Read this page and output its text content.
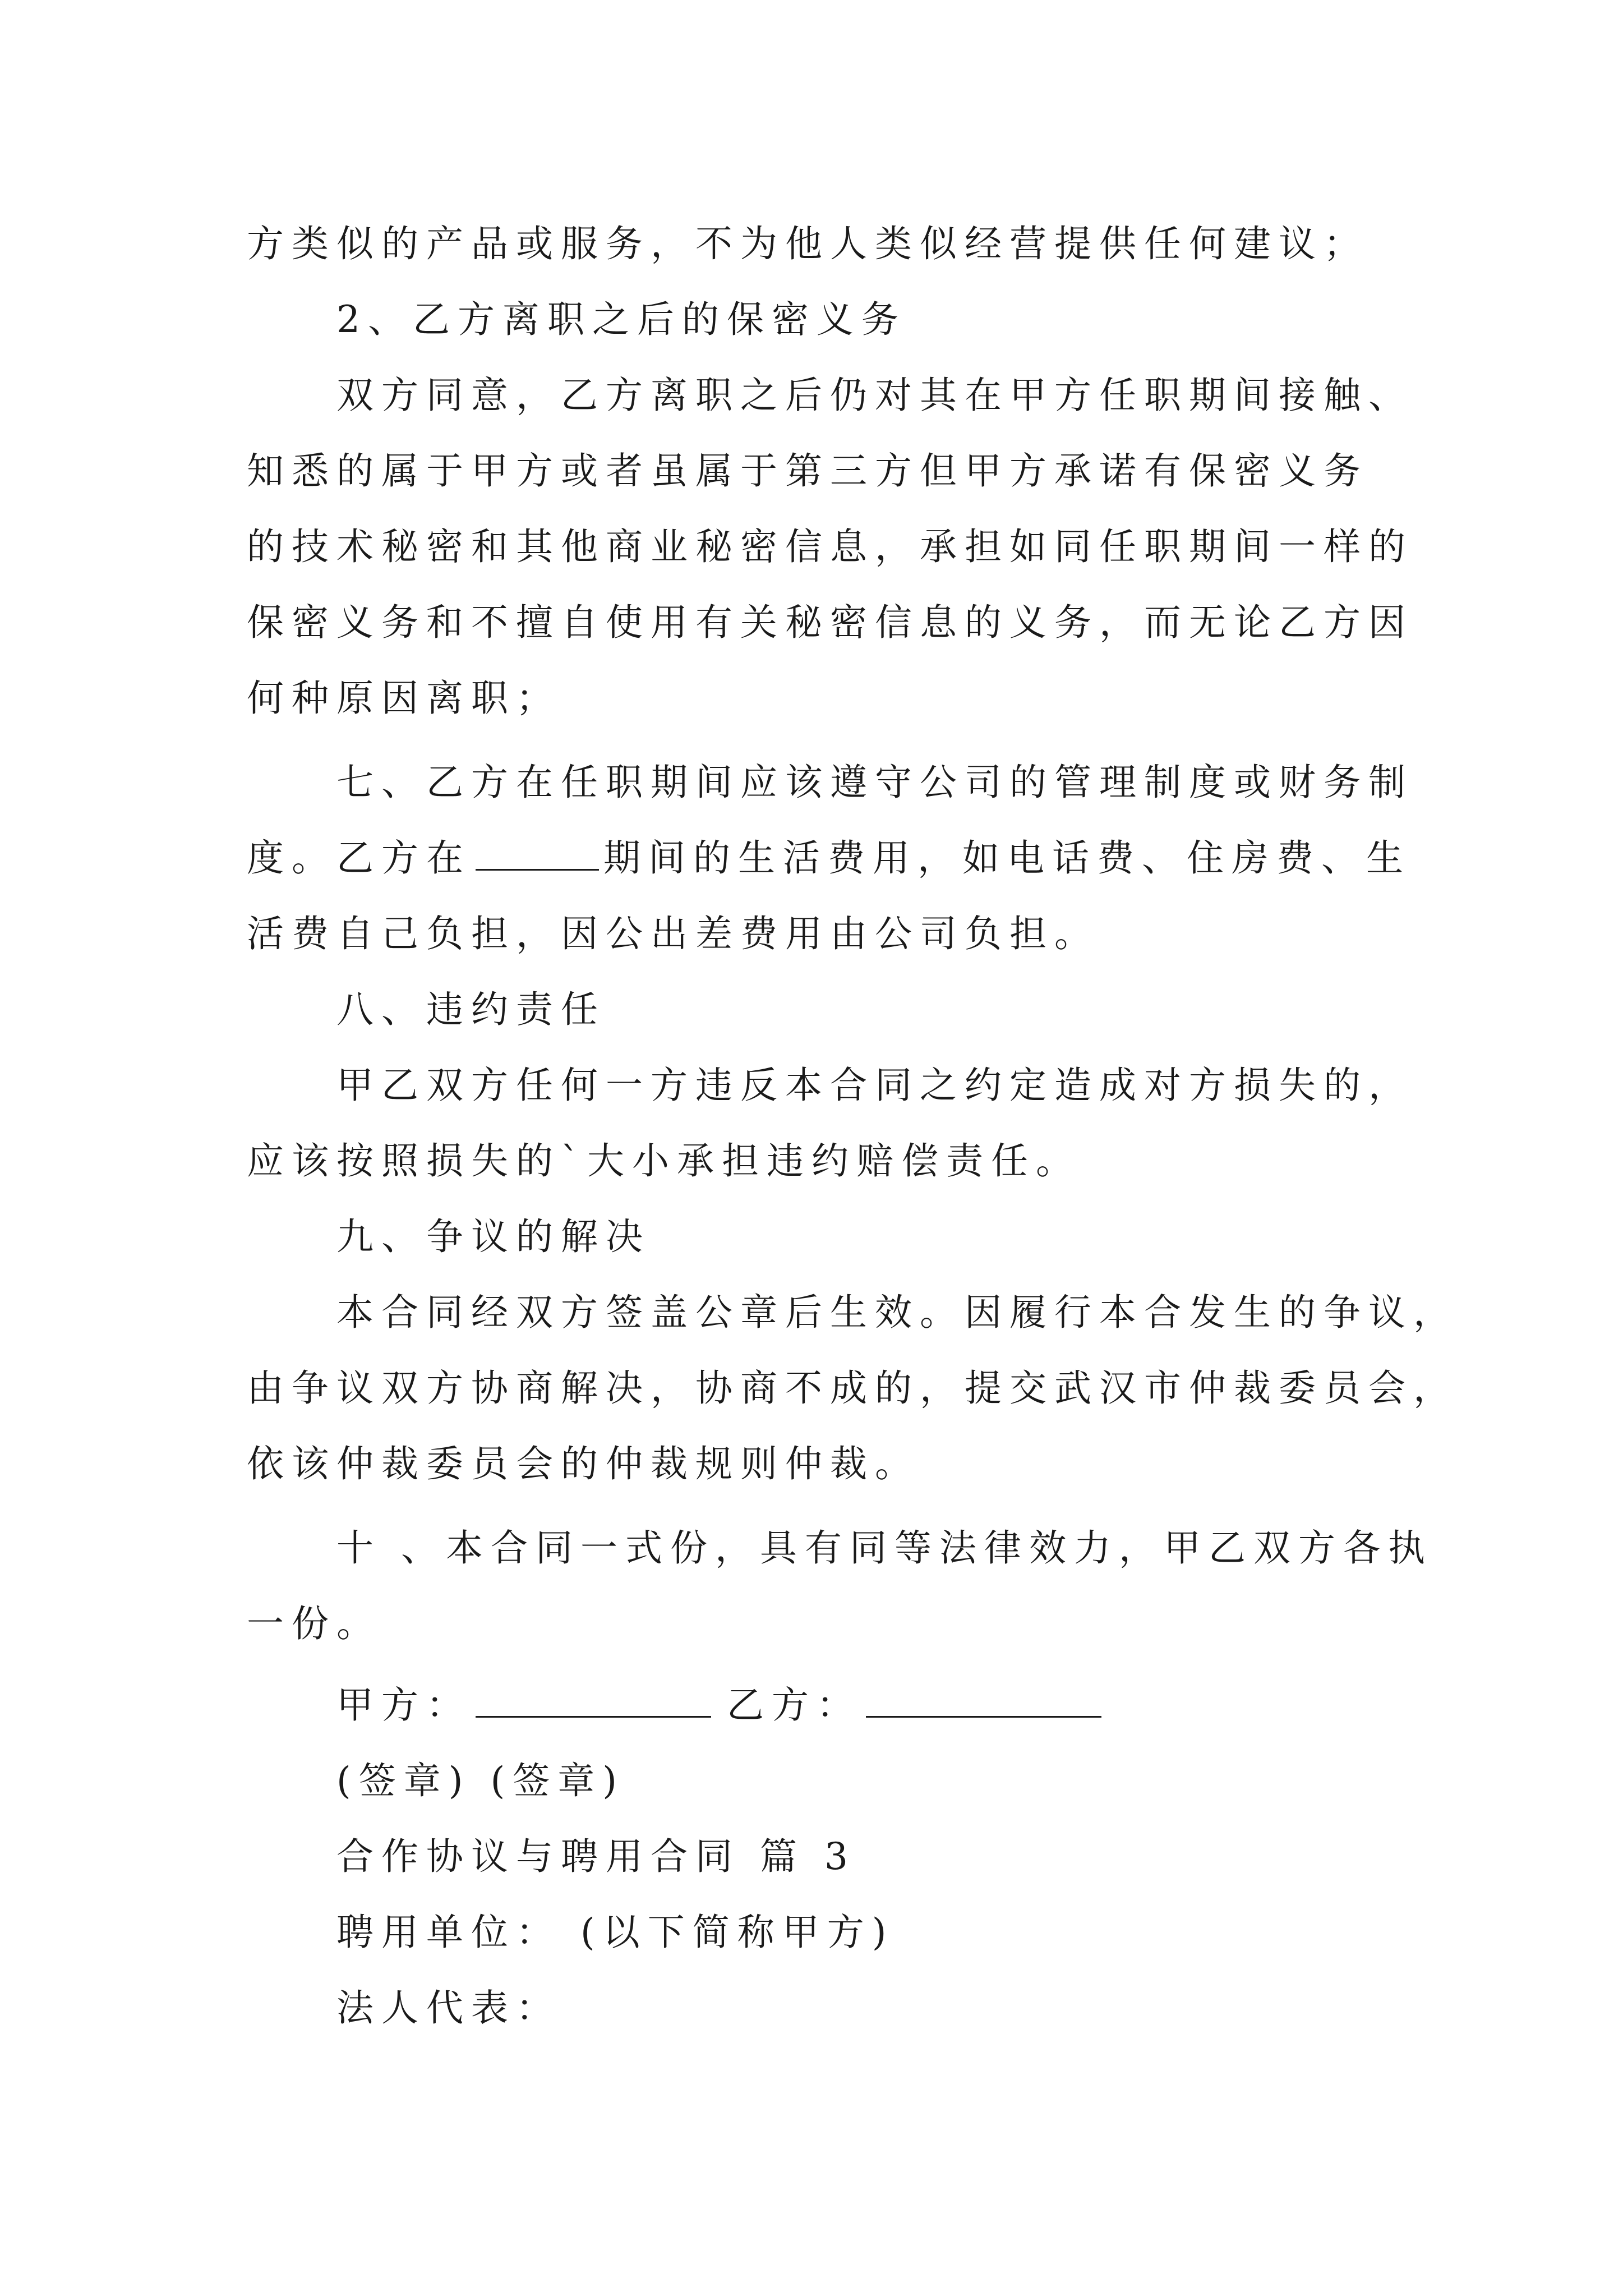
方类似的产品或服务，不为他人类似经营提供任何建议；
2、乙方离职之后的保密义务
双方同意，乙方离职之后仍对其在甲方任职期间接触、
知悉的属于甲方或者虽属于第三方但甲方承诺有保密义务
的技术秘密和其他商业秘密信息，承担如同任职期间一样的
保密义务和不擅自使用有关秘密信息的义务，而无论乙方因
何种原因离职；
七、乙方在任职期间应该遵守公司的管理制度或财务制
度。乙方在	期间的生活费用，如电话费、住房费、生
活费自己负担，因公出差费用由公司负担。
八、违约责任
甲乙双方任何一方违反本合同之约定造成对方损失的，
应该按照损失的`大小承担违约赔偿责任。
九、争议的解决
本合同经双方签盖公章后生效。因履行本合发生的争议，
由争议双方协商解决，协商不成的，提交武汉市仲裁委员会，
依该仲裁委员会的仲裁规则仲裁。
十 、本合同一式份，具有同等法律效力，甲乙双方各执
一份。
甲方：	乙方：
(签章) (签章)
合作协议与聘用合同 篇 3
聘用单位： (以下简称甲方)
法人代表：
